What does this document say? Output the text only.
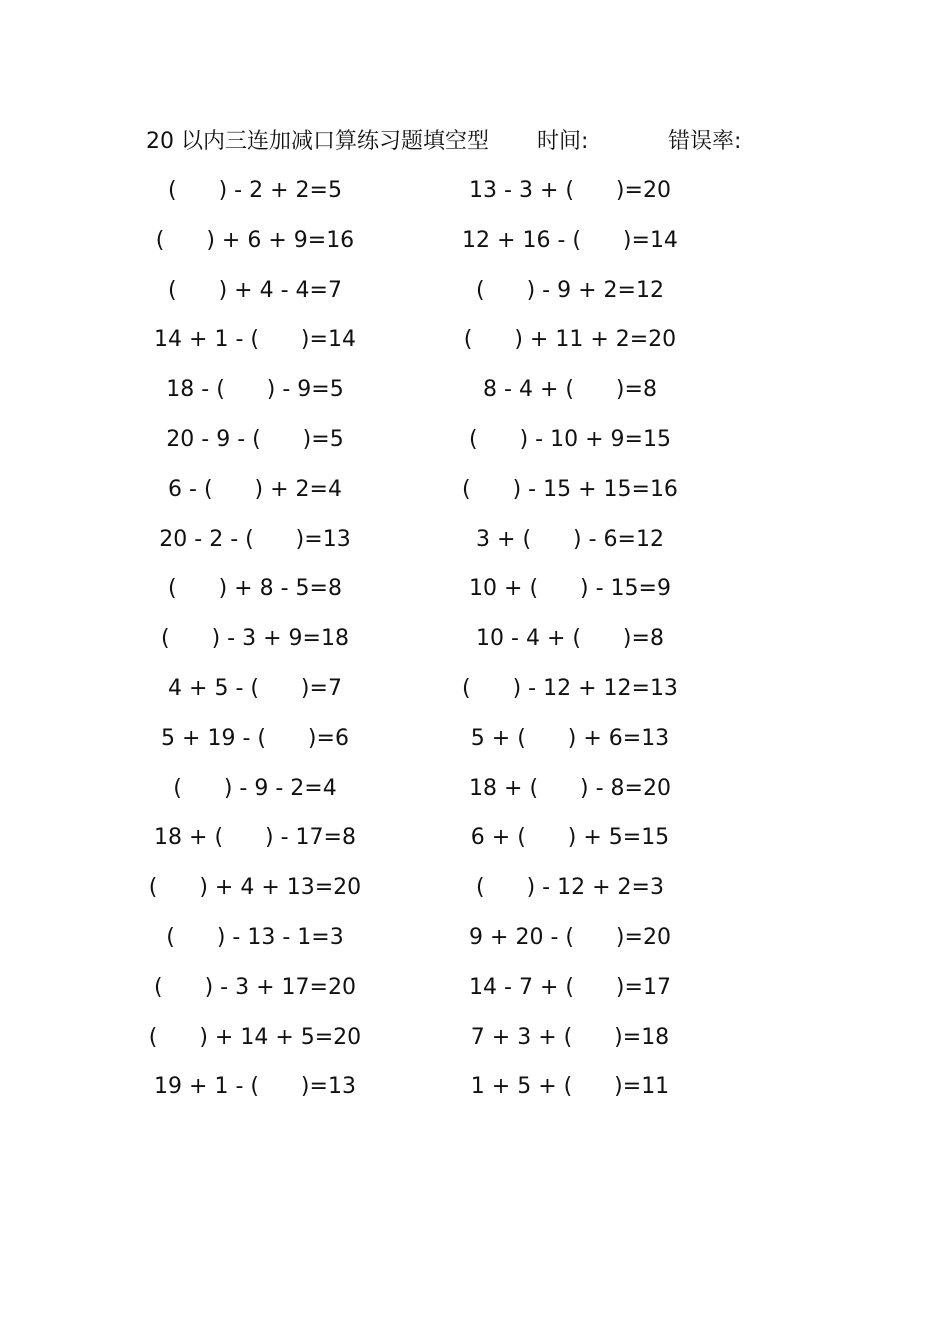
20 以内三连加减口算练习题填空型 时间:	错误率:
(      ) - 2 + 2=5
(      ) + 6 + 9=16
(      ) + 4 - 4=7
14 + 1 - (      )=14
18 - (      ) - 9=5
20 - 9 - (      )=5
6 - (      ) + 2=4
20 - 2 - (      )=13
(      ) + 8 - 5=8
(      ) - 3 + 9=18
4 + 5 - (      )=7
5 + 19 - (      )=6
(      ) - 9 - 2=4
18 + (      ) - 17=8
(      ) + 4 + 13=20
(      ) - 13 - 1=3
(      ) - 3 + 17=20
(      ) + 14 + 5=20
19 + 1 - (      )=13
13 - 3 + (      )=20
12 + 16 - (      )=14
(      ) - 9 + 2=12
(      ) + 11 + 2=20
8 - 4 + (      )=8
(      ) - 10 + 9=15
(      ) - 15 + 15=16
3 + (      ) - 6=12
10 + (      ) - 15=9
10 - 4 + (      )=8
(      ) - 12 + 12=13
5 + (      ) + 6=13
18 + (      ) - 8=20
6 + (      ) + 5=15
(      ) - 12 + 2=3
9 + 20 - (      )=20
14 - 7 + (      )=17
7 + 3 + (      )=18
1 + 5 + (      )=11
